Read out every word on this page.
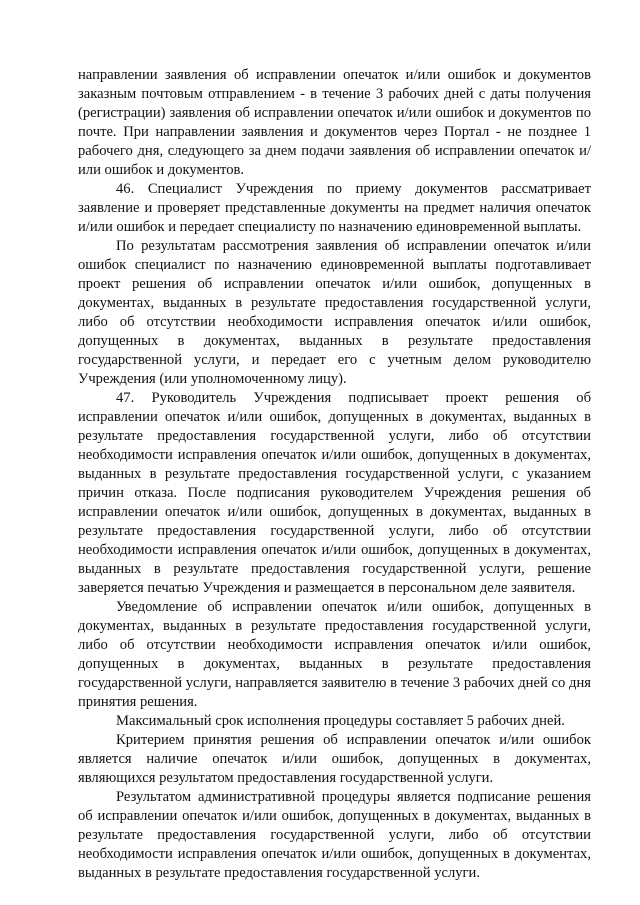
направлении заявления об исправлении опечаток и/или ошибок и документов заказным почтовым отправлением - в течение 3 рабочих дней с даты получения (регистрации) заявления об исправлении опечаток и/или ошибок и документов по почте. При направлении заявления и документов через Портал - не позднее 1 рабочего дня, следующего за днем подачи заявления об исправлении опечаток и/или ошибок и документов.

46. Специалист Учреждения по приему документов рассматривает заявление и проверяет представленные документы на предмет наличия опечаток и/или ошибок и передает специалисту по назначению единовременной выплаты.

По результатам рассмотрения заявления об исправлении опечаток и/или ошибок специалист по назначению единовременной выплаты подготавливает проект решения об исправлении опечаток и/или ошибок, допущенных в документах, выданных в результате предоставления государственной услуги, либо об отсутствии необходимости исправления опечаток и/или ошибок, допущенных в документах, выданных в результате предоставления государственной услуги, и передает его с учетным делом руководителю Учреждения (или уполномоченному лицу).

47. Руководитель Учреждения подписывает проект решения об исправлении опечаток и/или ошибок, допущенных в документах, выданных в результате предоставления государственной услуги, либо об отсутствии необходимости исправления опечаток и/или ошибок, допущенных в документах, выданных в результате предоставления государственной услуги, с указанием причин отказа. После подписания руководителем Учреждения решения об исправлении опечаток и/или ошибок, допущенных в документах, выданных в результате предоставления государственной услуги, либо об отсутствии необходимости исправления опечаток и/или ошибок, допущенных в документах, выданных в результате предоставления государственной услуги, решение заверяется печатью Учреждения и размещается в персональном деле заявителя.

Уведомление об исправлении опечаток и/или ошибок, допущенных в документах, выданных в результате предоставления государственной услуги, либо об отсутствии необходимости исправления опечаток и/или ошибок, допущенных в документах, выданных в результате предоставления государственной услуги, направляется заявителю в течение 3 рабочих дней со дня принятия решения.

Максимальный срок исполнения процедуры составляет 5 рабочих дней.

Критерием принятия решения об исправлении опечаток и/или ошибок является наличие опечаток и/или ошибок, допущенных в документах, являющихся результатом предоставления государственной услуги.

Результатом административной процедуры является подписание решения об исправлении опечаток и/или ошибок, допущенных в документах, выданных в результате предоставления государственной услуги, либо об отсутствии необходимости исправления опечаток и/или ошибок, допущенных в документах, выданных в результате предоставления государственной услуги.
